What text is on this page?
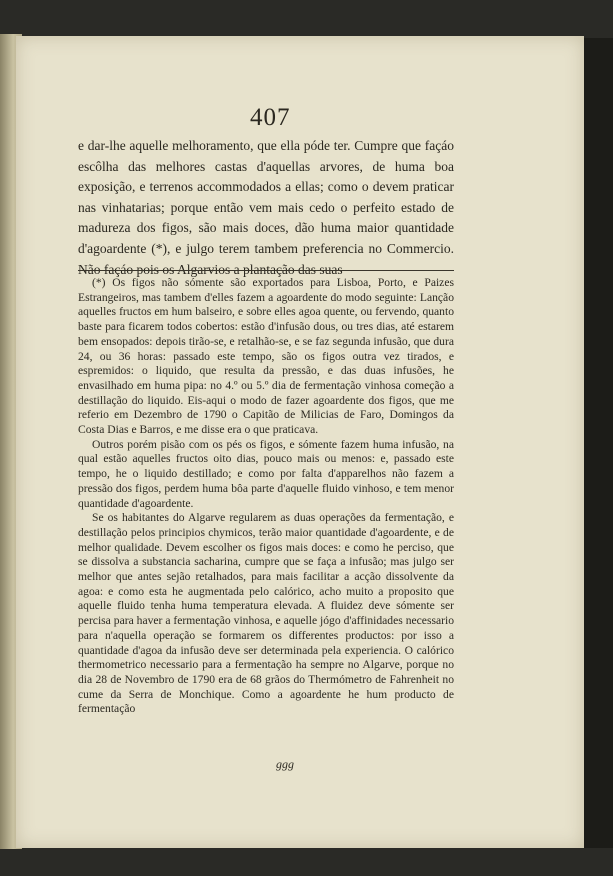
407

e dar-lhe aquelle melhoramento, que ella póde ter. Cumpre que façáo escôlha das melhores castas d'aquellas arvores, de huma boa exposição, e terrenos accommodados a ellas; como o devem praticar nas vinhatarias; porque então vem mais cedo o perfeito estado de madureza dos figos, são mais doces, dão huma maior quantidade d'agoardente (*), e julgo terem tambem preferencia no Commercio. Não façáo pois os Algarvios a plantação das suas

(*) Os figos não sómente são exportados para Lisboa, Porto, e Paizes Estrangeiros, mas tambem d'elles fazem a agoardente do modo seguinte: Lanção aquelles fructos em hum balseiro, e sobre elles agoa quente, ou fervendo, quanto baste para ficarem todos cobertos: estão d'infusão dous, ou tres dias, até estarem bem ensopados: depois tirão-se, e retalhão-se, e se faz segunda infusão, que dura 24, ou 36 horas: passado este tempo, são os figos outra vez tirados, e espremidos: o liquido, que resulta da pressão, e das duas infusões, he envasilhado em huma pipa: no 4.º ou 5.º dia de fermentação vinhosa começão a destillação do liquido. Eis-aqui o modo de fazer agoardente dos figos, que me referio em Dezembro de 1790 o Capitão de Milicias de Faro, Domingos da Costa Dias e Barros, e me disse era o que praticava.

Outros porém pisão com os pés os figos, e sómente fazem huma infusão, na qual estão aquelles fructos oito dias, pouco mais ou menos: e, passado este tempo, he o liquido destillado; e como por falta d'apparelhos não fazem a pressão dos figos, perdem huma bôa parte d'aquelle fluido vinhoso, e tem menor quantidade d'agoardente.

Se os habitantes do Algarve regularem as duas operações da fermentação, e destillação pelos principios chymicos, terão maior quantidade d'agoardente, e de melhor qualidade. Devem escolher os figos mais doces: e como he perciso, que se dissolva a substancia sacharina, cumpre que se faça a infusão; mas julgo ser melhor que antes sejão retalhados, para mais facilitar a acção dissolvente da agoa: e como esta he augmentada pelo calórico, acho muito a proposito que aquelle fluido tenha huma temperatura elevada. A fluidez deve sómente ser percisa para haver a fermentação vinhosa, e aquelle jógo d'affinidades necessario para n'aquella operação se formarem os differentes productos: por isso a quantidade d'agoa da infusão deve ser determinada pela experiencia. O calórico thermometrico necessario para a fermentação ha sempre no Algarve, porque no dia 28 de Novembro de 1790 era de 68 grãos do Thermómetro de Fahrenheit no cume da Serra de Monchique. Como a agoardente he hum producto de fermentação

ggg
